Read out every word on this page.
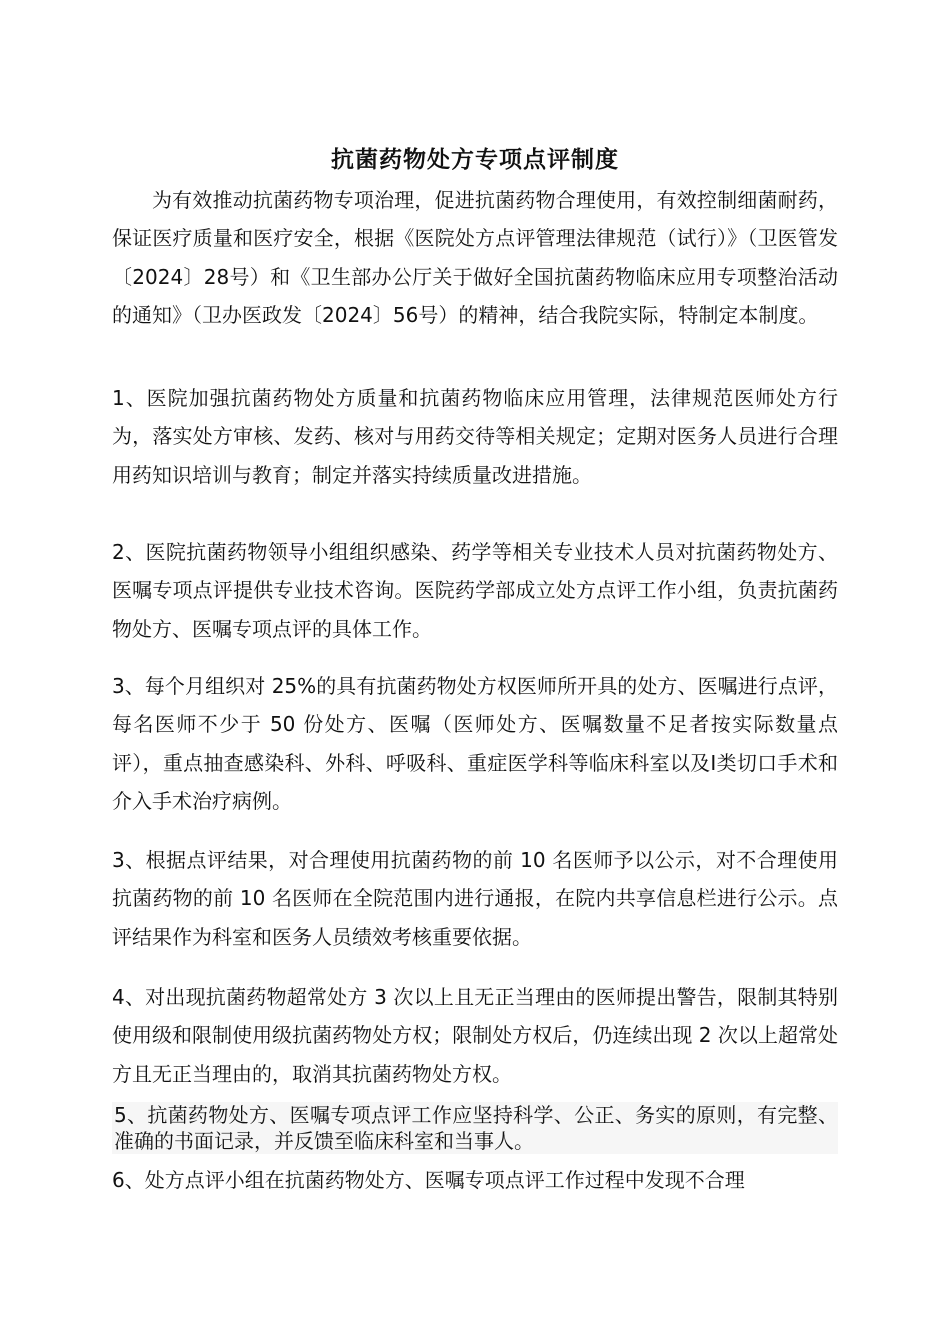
抗菌药物处方专项点评制度

为有效推动抗菌药物专项治理，促进抗菌药物合理使用，有效控制细菌耐药，保证医疗质量和医疗安全，根据《医院处方点评管理法律规范（试行）》（卫医管发〔2024〕28号）和《卫生部办公厅关于做好全国抗菌药物临床应用专项整治活动的通知》（卫办医政发〔2024〕56号）的精神，结合我院实际，特制定本制度。

1、医院加强抗菌药物处方质量和抗菌药物临床应用管理，法律规范医师处方行为，落实处方审核、发药、核对与用药交待等相关规定；定期对医务人员进行合理用药知识培训与教育；制定并落实持续质量改进措施。

2、医院抗菌药物领导小组组织感染、药学等相关专业技术人员对抗菌药物处方、医嘱专项点评提供专业技术咨询。医院药学部成立处方点评工作小组，负责抗菌药物处方、医嘱专项点评的具体工作。

3、每个月组织对 25%的具有抗菌药物处方权医师所开具的处方、医嘱进行点评，每名医师不少于 50 份处方、医嘱（医师处方、医嘱数量不足者按实际数量点评），重点抽查感染科、外科、呼吸科、重症医学科等临床科室以及Ⅰ类切口手术和介入手术治疗病例。

3、根据点评结果，对合理使用抗菌药物的前 10 名医师予以公示，对不合理使用抗菌药物的前 10 名医师在全院范围内进行通报，在院内共享信息栏进行公示。点评结果作为科室和医务人员绩效考核重要依据。

4、对出现抗菌药物超常处方 3 次以上且无正当理由的医师提出警告，限制其特别使用级和限制使用级抗菌药物处方权；限制处方权后，仍连续出现 2 次以上超常处方且无正当理由的，取消其抗菌药物处方权。

5、抗菌药物处方、医嘱专项点评工作应坚持科学、公正、务实的原则，有完整、准确的书面记录，并反馈至临床科室和当事人。

6、处方点评小组在抗菌药物处方、医嘱专项点评工作过程中发现不合理
